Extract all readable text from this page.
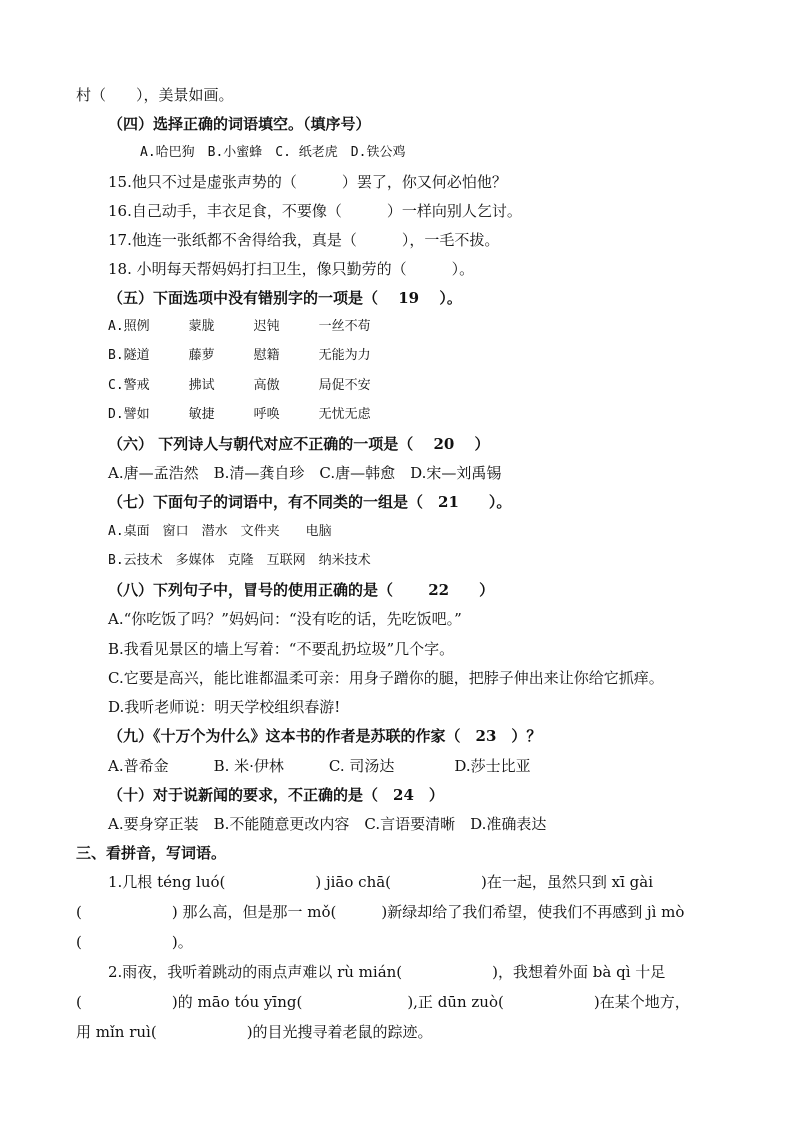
村（　　），美景如画。
（四）选择正确的词语填空。（填序号）
A.哈巴狗　B.小蜜蜂　C. 纸老虎　D.铁公鸡
15.他只不过是虚张声势的（　　　）罢了，你又何必怕他？
16.自己动手，丰衣足食，不要像（　　　）一样向别人乞讨。
17.他连一张纸都不舍得给我，真是（　　　），一毛不拔。
18. 小明每天帮妈妈打扫卫生，像只勤劳的（　　　）。
（五）下面选项中没有错别字的一项是（　 19 　）。
A.照例　　　蒙胧　　　迟钝　　　一丝不苟
B.隧道　　　藤萝　　　慰籍　　　无能为力
C.警戒　　　拂试　　　高傲　　　局促不安
D.譬如　　　敏捷　　　呼唤　　　无忧无虑
（六） 下列诗人与朝代对应不正确的一项是（　 20　 ）
A.唐—孟浩然　B.清—龚自珍　C.唐—韩愈　D.宋—刘禹锡
（七）下面句子的词语中，有不同类的一组是（　21　　）。
A.桌面　窗口　潜水　文件夹　　电脑
B.云技术　多媒体　克隆　互联网　纳米技术
（八）下列句子中，冒号的使用正确的是（　　 22　　）
A.“你吃饭了吗？”妈妈问：“没有吃的话，先吃饭吧。”
B.我看见景区的墙上写着：“不要乱扔垃圾”几个字。
C.它要是高兴，能比谁都温柔可亲：用身子蹭你的腿，把脖子伸出来让你给它抓痒。
D.我听老师说：明天学校组织春游!
（九）《十万个为什么》这本书的作者是苏联的作家（　23　）？
A.普希金　　　B. 米·伊林　　　C. 司汤达　　　　D.莎士比亚
（十）对于说新闻的要求，不正确的是（　24　）
A.要身穿正装　B.不能随意更改内容　C.言语要清晰　D.准确表达
三、看拼音，写词语。
1.几根 téng luó(　　　　　　) jiāo chā(　　　　　　)在一起，虽然只到 xī gài
(　　　　　　) 那么高，但是那一 mǒ(　　　)新绿却给了我们希望，使我们不再感到 jì mò
(　　　　　　)。
2.雨夜，我听着跳动的雨点声难以 rù mián(　　　　　　)，我想着外面 bà qì 十足
(　　　　　　)的 māo tóu yīng(　　　　　　　),正 dūn zuò(　　　　　　)在某个地方，
用 mǐn ruì(　　　　　　)的目光搜寻着老鼠的踪迹。
